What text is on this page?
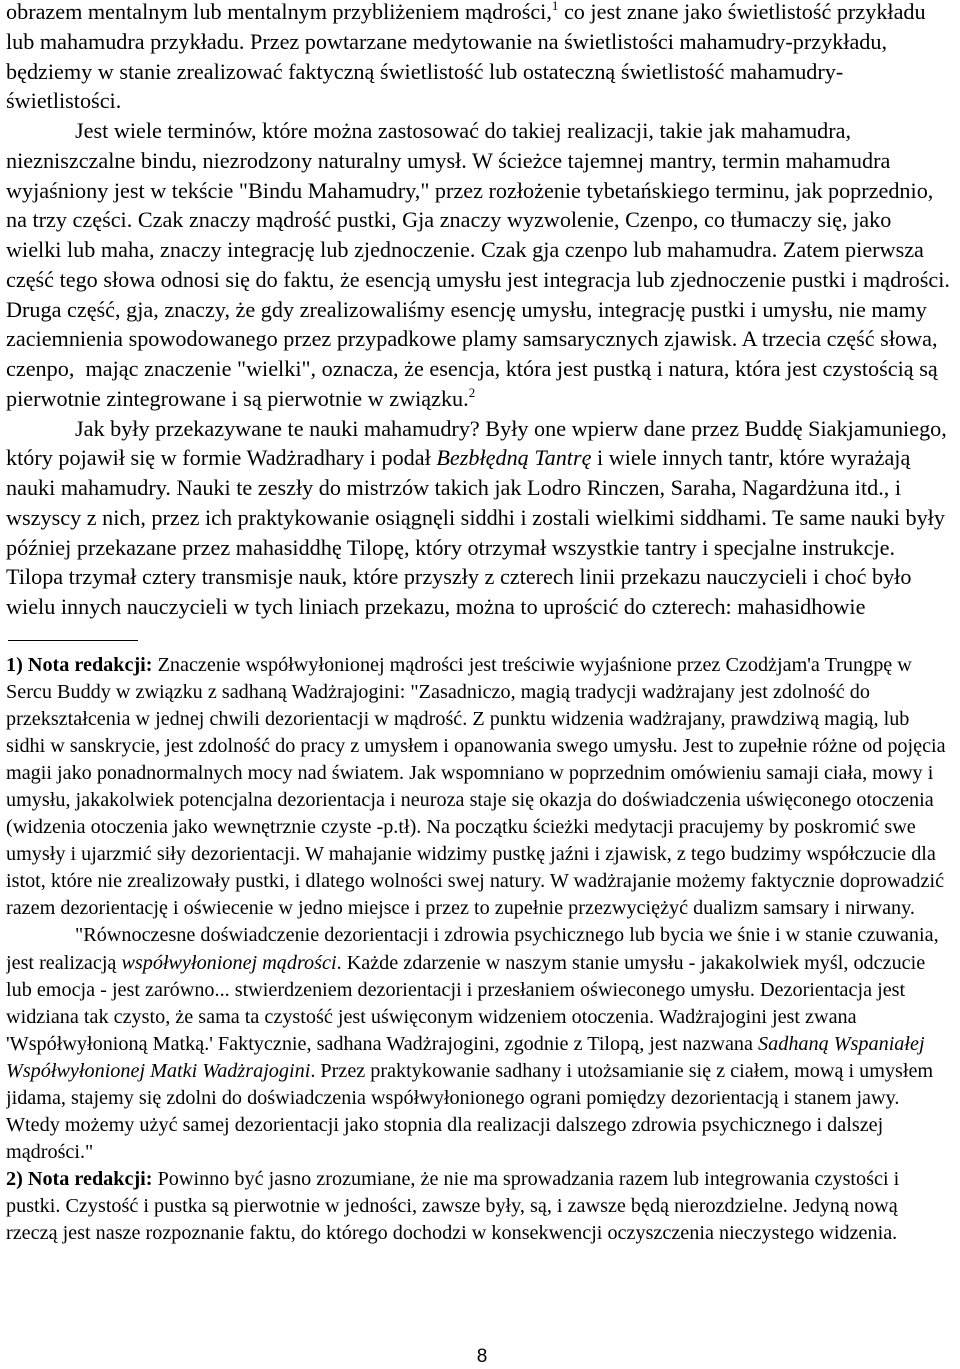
obrazem mentalnym lub mentalnym przybliżeniem mądrości,$^1$ co jest znane jako świetlistość przykładu
lub mahamudra przykładu. Przez powtarzane medytowanie na świetlistości mahamudry-przykładu,
będziemy w stanie zrealizować faktyczną świetlistość lub ostateczną świetlistość mahamudry-
świetlistości.
Jest wiele terminów, które można zastosować do takiej realizacji, takie jak mahamudra,
niezniszczalne bindu, niezrodzony naturalny umysł. W ścieżce tajemnej mantry, termin mahamudra
wyjaśniony jest w tekście "Bindu Mahamudry," przez rozłożenie tybetańskiego terminu, jak poprzednio,
na trzy części. Czak znaczy mądrość pustki, Gja znaczy wyzwolenie, Czenpo, co tłumaczy się, jako
wielki lub maha, znaczy integrację lub zjednoczenie. Czak gja czenpo lub mahamudra. Zatem pierwsza
część tego słowa odnosi się do faktu, że esencją umysłu jest integracja lub zjednoczenie pustki i mądrości.
Druga część, gja, znaczy, że gdy zrealizowaliśmy esencję umysłu, integrację pustki i umysłu, nie mamy
zaciemnienia spowodowanego przez przypadkowe plamy samsarycznych zjawisk. A trzecia część słowa,
czenpo,  mając znaczenie "wielki", oznacza, że esencja, która jest pustką i natura, która jest czystością są
pierwotnie zintegrowane i są pierwotnie w związku.$^2$
Jak były przekazywane te nauki mahamudry? Były one wpierw dane przez Buddę Siakjamuniego,
który pojawił się w formie Wadżradhary i podał Bezbłędną Tantrę i wiele innych tantr, które wyrażają
nauki mahamudry. Nauki te zeszły do mistrzów takich jak Lodro Rinczen, Saraha, Nagardżuna itd., i
wszyscy z nich, przez ich praktykowanie osiągnęli siddhi i zostali wielkimi siddhami. Te same nauki były
później przekazane przez mahasiddhę Tilopę, który otrzymał wszystkie tantry i specjalne instrukcje.
Tilopa trzymał cztery transmisje nauk, które przyszły z czterech linii przekazu nauczycieli i choć było
wielu innych nauczycieli w tych liniach przekazu, można to uprościć do czterech: mahasidhowie
1) Nota redakcji: Znaczenie współwyłonionej mądrości jest treściwie wyjaśnione przez Czodżjam'a Trungpę w
Sercu Buddy w związku z sadhaną Wadżrajogini: "Zasadniczo, magią tradycji wadżrajany jest zdolność do
przekształcenia w jednej chwili dezorientacji w mądrość. Z punktu widzenia wadżrajany, prawdziwą magią, lub
sidhi w sanskrycie, jest zdolność do pracy z umysłem i opanowania swego umysłu. Jest to zupełnie różne od pojęcia
magii jako ponadnormalnych mocy nad światem. Jak wspomniano w poprzednim omówieniu samaji ciała, mowy i
umysłu, jakakolwiek potencjalna dezorientacja i neuroza staje się okazja do doświadczenia uświęconego otoczenia
(widzenia otoczenia jako wewnętrznie czyste -p.tł). Na początku ścieżki medytacji pracujemy by poskromić swe
umysły i ujarzmić siły dezorientacji. W mahajanie widzimy pustkę jaźni i zjawisk, z tego budzimy współczucie dla
istot, które nie zrealizowały pustki, i dlatego wolności swej natury. W wadżrajanie możemy faktycznie doprowadzić
razem dezorientację i oświecenie w jedno miejsce i przez to zupełnie przezwyciężyć dualizm samsary i nirwany.
"Równoczesne doświadczenie dezorientacji i zdrowia psychicznego lub bycia we śnie i w stanie czuwania,
jest realizacją współwyłonionej mądrości. Każde zdarzenie w naszym stanie umysłu - jakakolwiek myśl, odczucie
lub emocja - jest zarówno... stwierdzeniem dezorientacji i przesłaniem oświeconego umysłu. Dezorientacja jest
widziana tak czysto, że sama ta czystość jest uświęconym widzeniem otoczenia. Wadżrajogini jest zwana
'Współwyłonioną Matką.' Faktycznie, sadhana Wadżrajogini, zgodnie z Tilopą, jest nazwana Sadhaną Wspaniałej
Współwyłonionej Matki Wadżrajogini. Przez praktykowanie sadhany i utożsamianie się z ciałem, mową i umysłem
jidama, stajemy się zdolni do doświadczenia współwyłonionego ograni pomiędzy dezorientacją i stanem jawy.
Wtedy możemy użyć samej dezorientacji jako stopnia dla realizacji dalszego zdrowia psychicznego i dalszej
mądrości."
2) Nota redakcji: Powinno być jasno zrozumiane, że nie ma sprowadzania razem lub integrowania czystości i
pustki. Czystość i pustka są pierwotnie w jedności, zawsze były, są, i zawsze będą nierozdzielne. Jedyną nową
rzeczą jest nasze rozpoznanie faktu, do którego dochodzi w konsekwencji oczyszczenia nieczystego widzenia.
8
